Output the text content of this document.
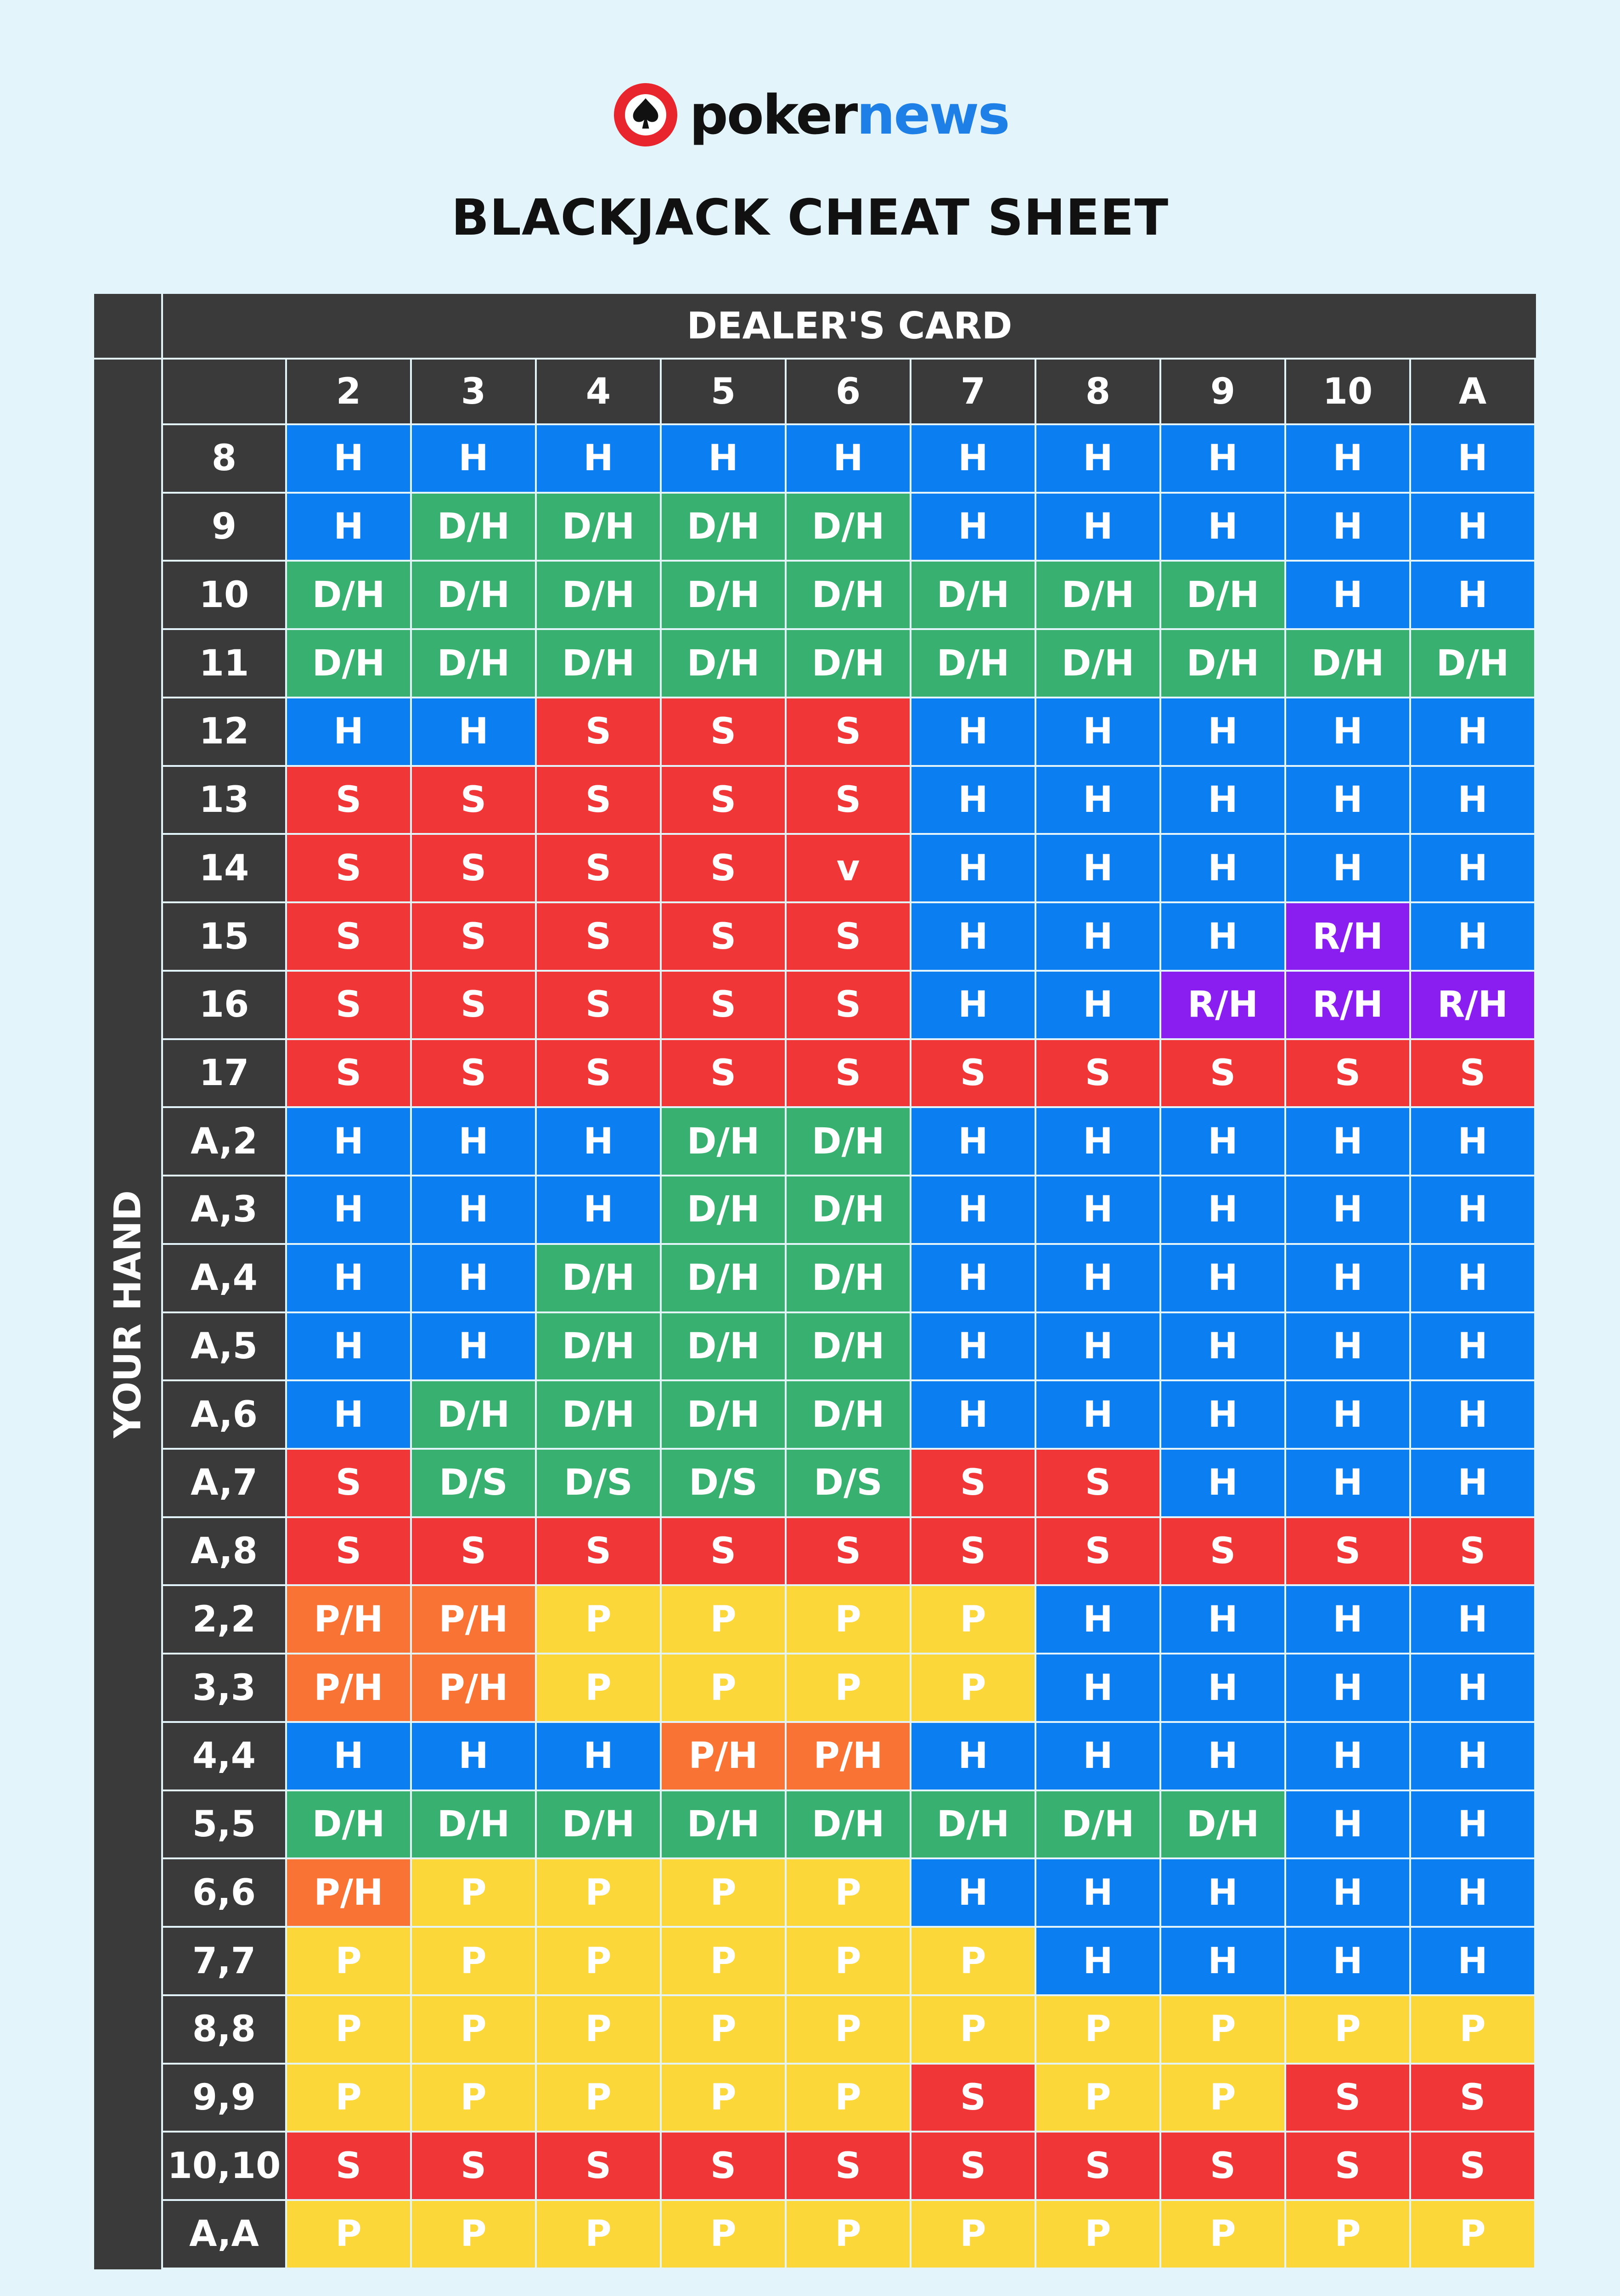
pokernews
BLACKJACK CHEAT SHEET
DEALER'S CARD
YOUR HAND
2	3	4	5	6	7	8	9	10	A
8	H	H	H	H	H	H	H	H	H	H
9	H	D/H	D/H	D/H	D/H	H	H	H	H	H
10	D/H	D/H	D/H	D/H	D/H	D/H	D/H	D/H	H	H
11	D/H	D/H	D/H	D/H	D/H	D/H	D/H	D/H	D/H	D/H
12	H	H	S	S	S	H	H	H	H	H
13	S	S	S	S	S	H	H	H	H	H
14	S	S	S	S	v	H	H	H	H	H
15	S	S	S	S	S	H	H	H	R/H	H
16	S	S	S	S	S	H	H	R/H	R/H	R/H
17	S	S	S	S	S	S	S	S	S	S
A,2	H	H	H	D/H	D/H	H	H	H	H	H
A,3	H	H	H	D/H	D/H	H	H	H	H	H
A,4	H	H	D/H	D/H	D/H	H	H	H	H	H
A,5	H	H	D/H	D/H	D/H	H	H	H	H	H
A,6	H	D/H	D/H	D/H	D/H	H	H	H	H	H
A,7	S	D/S	D/S	D/S	D/S	S	S	H	H	H
A,8	S	S	S	S	S	S	S	S	S	S
2,2	P/H	P/H	P	P	P	P	H	H	H	H
3,3	P/H	P/H	P	P	P	P	H	H	H	H
4,4	H	H	H	P/H	P/H	H	H	H	H	H
5,5	D/H	D/H	D/H	D/H	D/H	D/H	D/H	D/H	H	H
6,6	P/H	P	P	P	P	H	H	H	H	H
7,7	P	P	P	P	P	P	H	H	H	H
8,8	P	P	P	P	P	P	P	P	P	P
9,9	P	P	P	P	P	S	P	P	S	S
10,10	S	S	S	S	S	S	S	S	S	S
A,A	P	P	P	P	P	P	P	P	P	P
